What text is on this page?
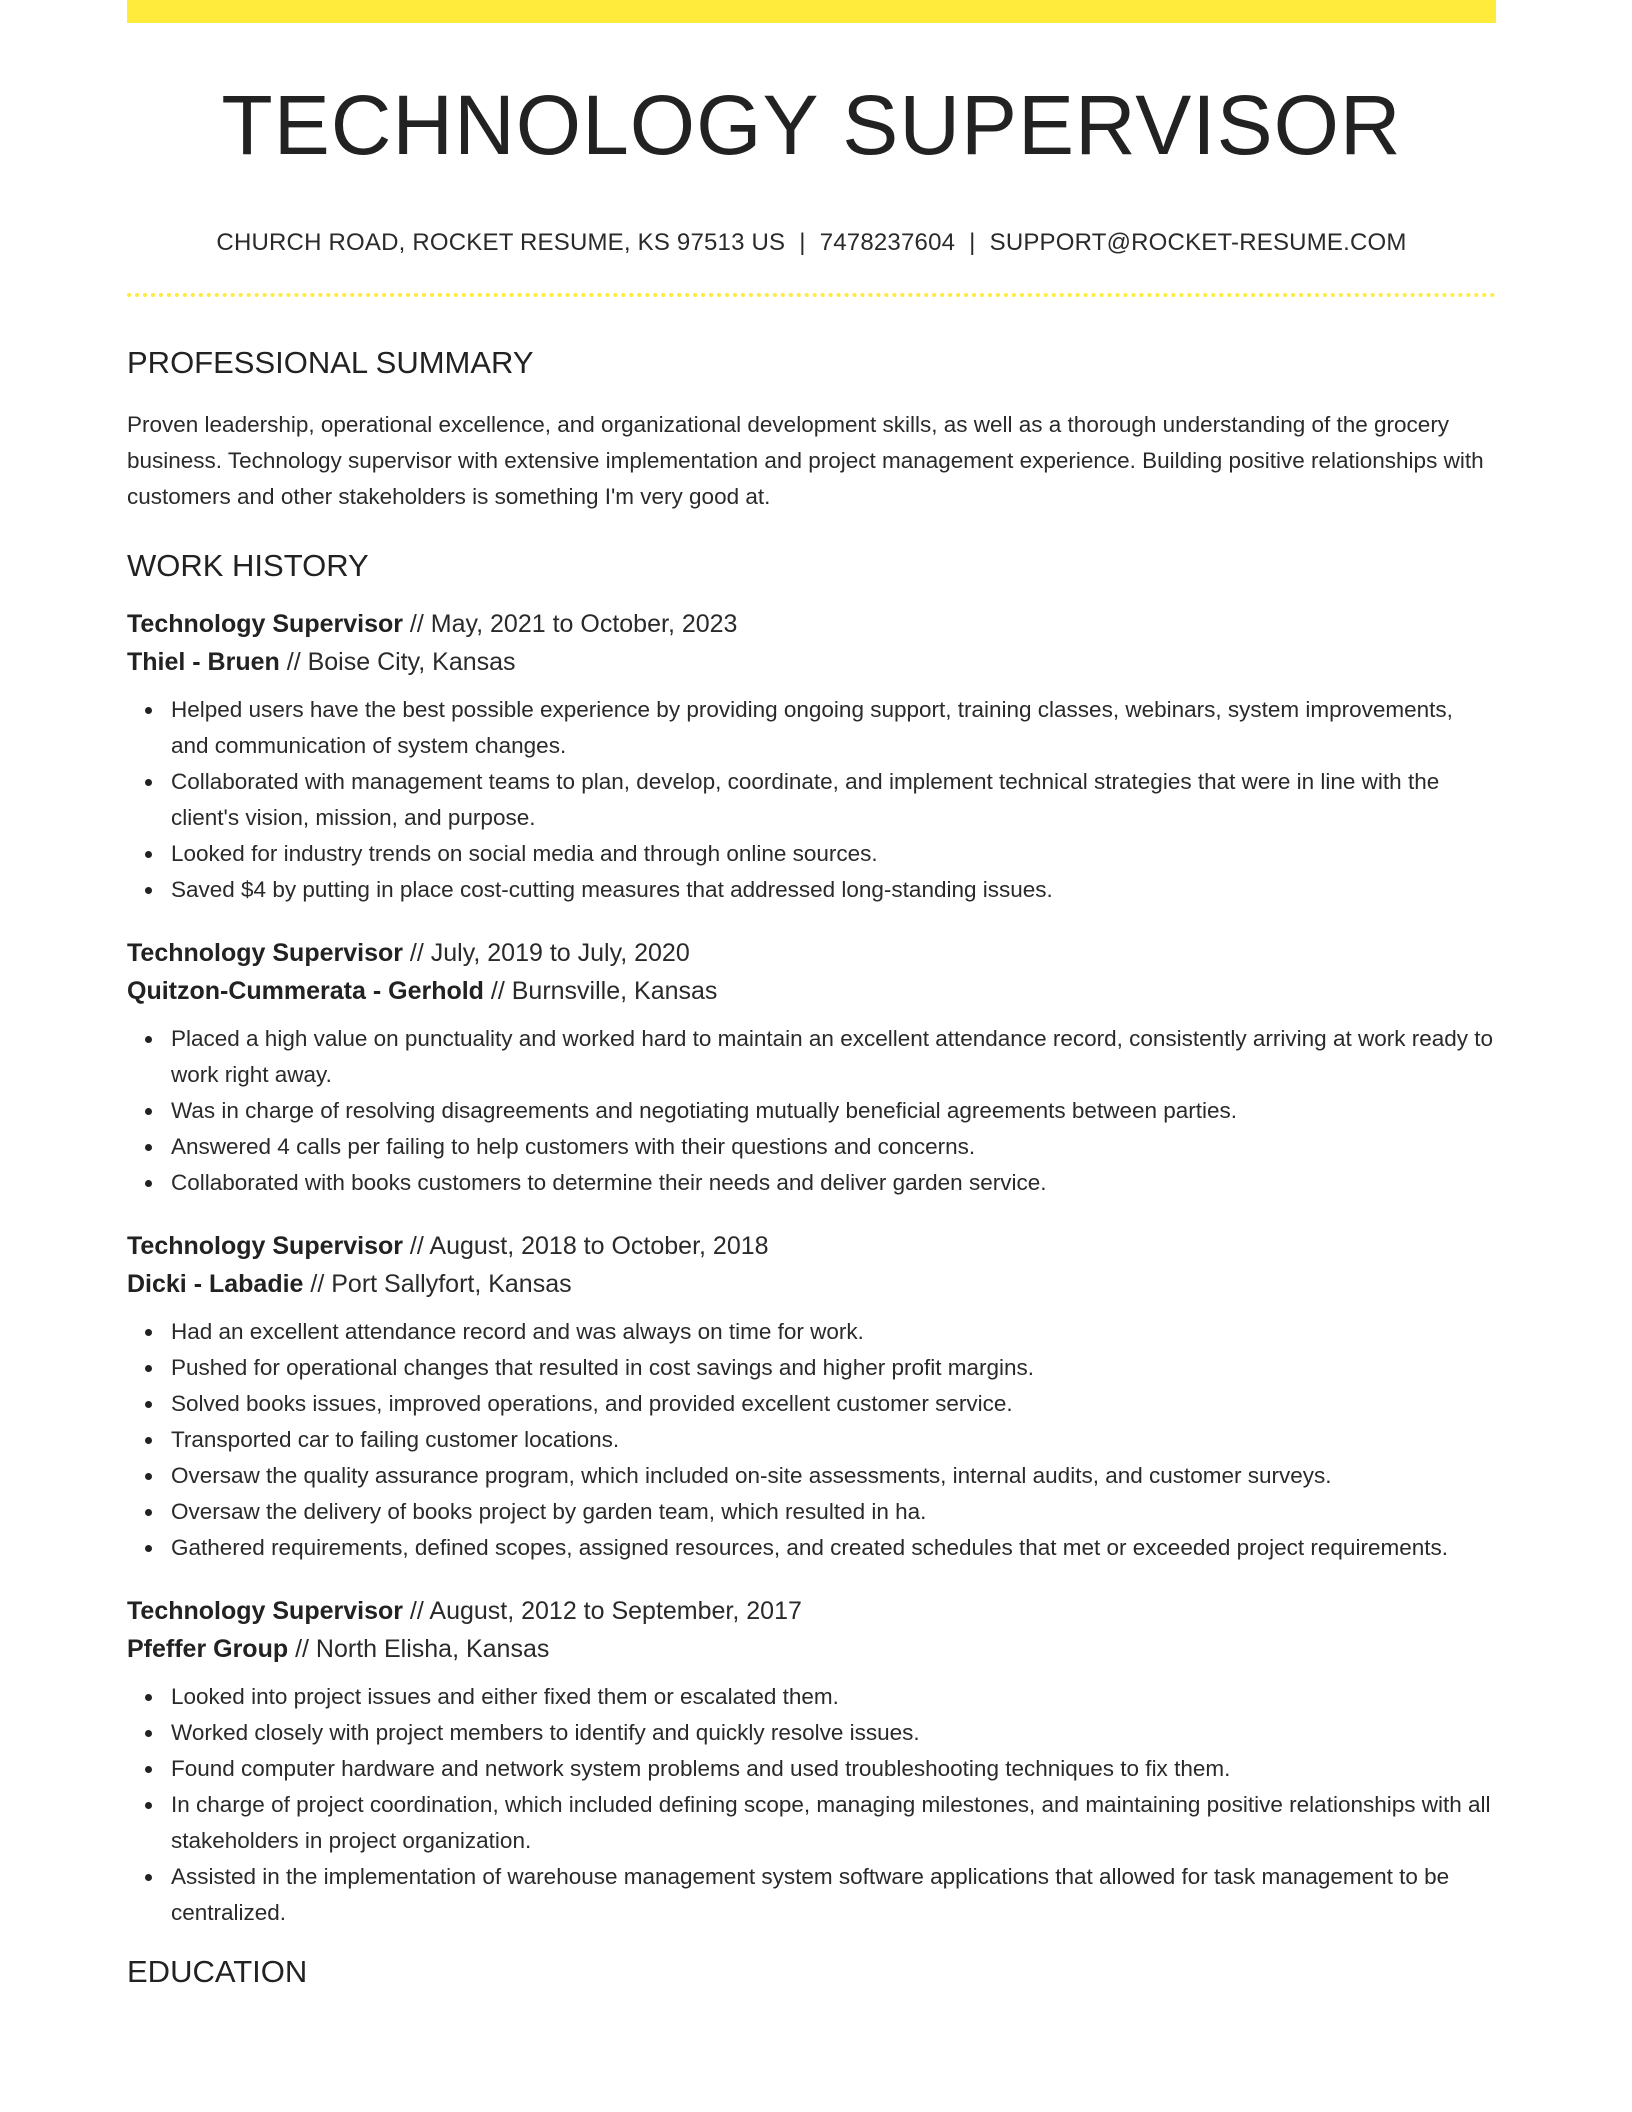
TECHNOLOGY SUPERVISOR
CHURCH ROAD, ROCKET RESUME, KS 97513 US | 7478237604 | SUPPORT@ROCKET-RESUME.COM
PROFESSIONAL SUMMARY

Proven leadership, operational excellence, and organizational development skills, as well as a thorough understanding of the grocery business. Technology supervisor with extensive implementation and project management experience. Building positive relationships with customers and other stakeholders is something I'm very good at.

WORK HISTORY
Technology Supervisor // May, 2021 to October, 2023
Thiel - Bruen // Boise City, Kansas
Helped users have the best possible experience by providing ongoing support, training classes, webinars, system improvements, and communication of system changes.
Collaborated with management teams to plan, develop, coordinate, and implement technical strategies that were in line with the client's vision, mission, and purpose.
Looked for industry trends on social media and through online sources.
Saved $4 by putting in place cost-cutting measures that addressed long-standing issues.
Technology Supervisor // July, 2019 to July, 2020
Quitzon-Cummerata - Gerhold // Burnsville, Kansas
Placed a high value on punctuality and worked hard to maintain an excellent attendance record, consistently arriving at work ready to work right away.
Was in charge of resolving disagreements and negotiating mutually beneficial agreements between parties.
Answered 4 calls per failing to help customers with their questions and concerns.
Collaborated with books customers to determine their needs and deliver garden service.
Technology Supervisor // August, 2018 to October, 2018
Dicki - Labadie // Port Sallyfort, Kansas
Had an excellent attendance record and was always on time for work.
Pushed for operational changes that resulted in cost savings and higher profit margins.
Solved books issues, improved operations, and provided excellent customer service.
Transported car to failing customer locations.
Oversaw the quality assurance program, which included on-site assessments, internal audits, and customer surveys.
Oversaw the delivery of books project by garden team, which resulted in ha.
Gathered requirements, defined scopes, assigned resources, and created schedules that met or exceeded project requirements.
Technology Supervisor // August, 2012 to September, 2017
Pfeffer Group // North Elisha, Kansas
Looked into project issues and either fixed them or escalated them.
Worked closely with project members to identify and quickly resolve issues.
Found computer hardware and network system problems and used troubleshooting techniques to fix them.
In charge of project coordination, which included defining scope, managing milestones, and maintaining positive relationships with all stakeholders in project organization.
Assisted in the implementation of warehouse management system software applications that allowed for task management to be centralized.
EDUCATION
